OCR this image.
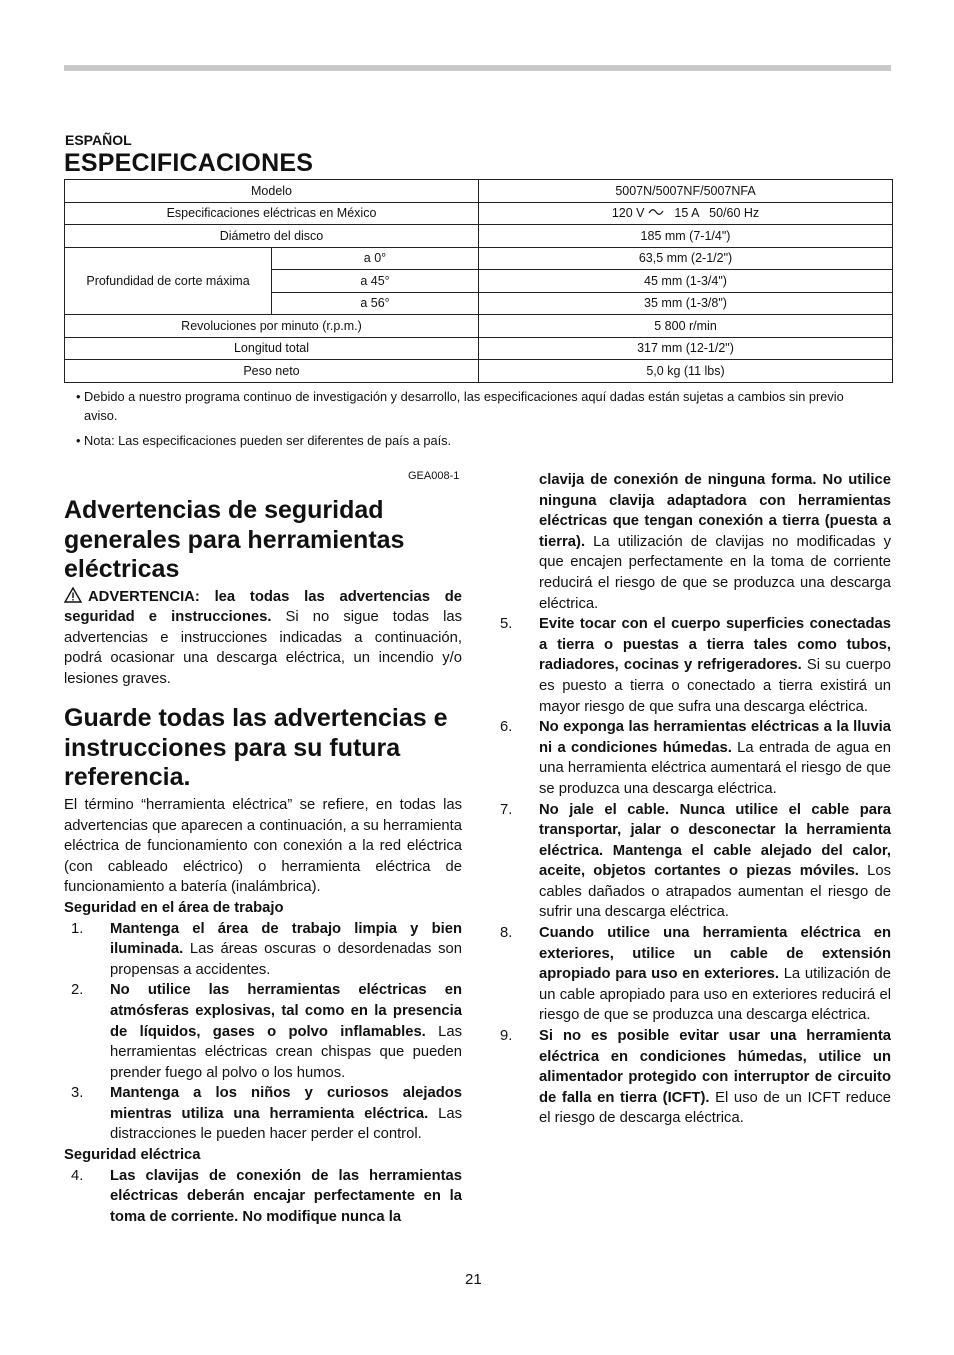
ESPAÑOL
ESPECIFICACIONES
Modelo		5007N/5007NF/5007NFA
Especificaciones eléctricas en México		120 V 15 A   50/60 Hz
Diámetro del disco		185 mm (7-1/4")
Profundidad de corte máxima	a 0°	63,5 mm (2-1/2")
	a 45°	45 mm (1-3/4")
	a 56°	35 mm (1-3/8")
Revoluciones por minuto (r.p.m.)		5 800 r/min
Longitud total		317 mm (12-1/2")
Peso neto		5,0 kg (11 lbs)

• Debido a nuestro programa continuo de investigación y desarrollo, las especificaciones aquí dadas están sujetas a cambios sin previo aviso.

• Nota: Las especificaciones pueden ser diferentes de país a país.

GEA008-1
Advertencias de seguridad generales para herramientas eléctricas

ADVERTENCIA: lea todas las advertencias de seguridad e instrucciones. Si no sigue todas las advertencias e instrucciones indicadas a continuación, podrá ocasionar una descarga eléctrica, un incendio y/o lesiones graves.

Guarde todas las advertencias e instrucciones para su futura referencia.

El término “herramienta eléctrica” se refiere, en todas las advertencias que aparecen a continuación, a su herramienta eléctrica de funcionamiento con conexión a la red eléctrica (con cableado eléctrico) o herramienta eléctrica de funcionamiento a batería (inalámbrica).

Seguridad en el área de trabajo
1. Mantenga el área de trabajo limpia y bien iluminada. Las áreas oscuras o desordenadas son propensas a accidentes.
2. No utilice las herramientas eléctricas en atmósferas explosivas, tal como en la presencia de líquidos, gases o polvo inflamables. Las herramientas eléctricas crean chispas que pueden prender fuego al polvo o los humos.
3. Mantenga a los niños y curiosos alejados mientras utiliza una herramienta eléctrica. Las distracciones le pueden hacer perder el control.
Seguridad eléctrica
4. Las clavijas de conexión de las herramientas eléctricas deberán encajar perfectamente en la toma de corriente. No modifique nunca la
clavija de conexión de ninguna forma. No utilice ninguna clavija adaptadora con herramientas eléctricas que tengan conexión a tierra (puesta a tierra). La utilización de clavijas no modificadas y que encajen perfectamente en la toma de corriente reducirá el riesgo de que se produzca una descarga eléctrica.
5. Evite tocar con el cuerpo superficies conectadas a tierra o puestas a tierra tales como tubos, radiadores, cocinas y refrigeradores. Si su cuerpo es puesto a tierra o conectado a tierra existirá un mayor riesgo de que sufra una descarga eléctrica.
6. No exponga las herramientas eléctricas a la lluvia ni a condiciones húmedas. La entrada de agua en una herramienta eléctrica aumentará el riesgo de que se produzca una descarga eléctrica.
7. No jale el cable. Nunca utilice el cable para transportar, jalar o desconectar la herramienta eléctrica. Mantenga el cable alejado del calor, aceite, objetos cortantes o piezas móviles. Los cables dañados o atrapados aumentan el riesgo de sufrir una descarga eléctrica.
8. Cuando utilice una herramienta eléctrica en exteriores, utilice un cable de extensión apropiado para uso en exteriores. La utilización de un cable apropiado para uso en exteriores reducirá el riesgo de que se produzca una descarga eléctrica.
9. Si no es posible evitar usar una herramienta eléctrica en condiciones húmedas, utilice un alimentador protegido con interruptor de circuito de falla en tierra (ICFT). El uso de un ICFT reduce el riesgo de descarga eléctrica.
21
